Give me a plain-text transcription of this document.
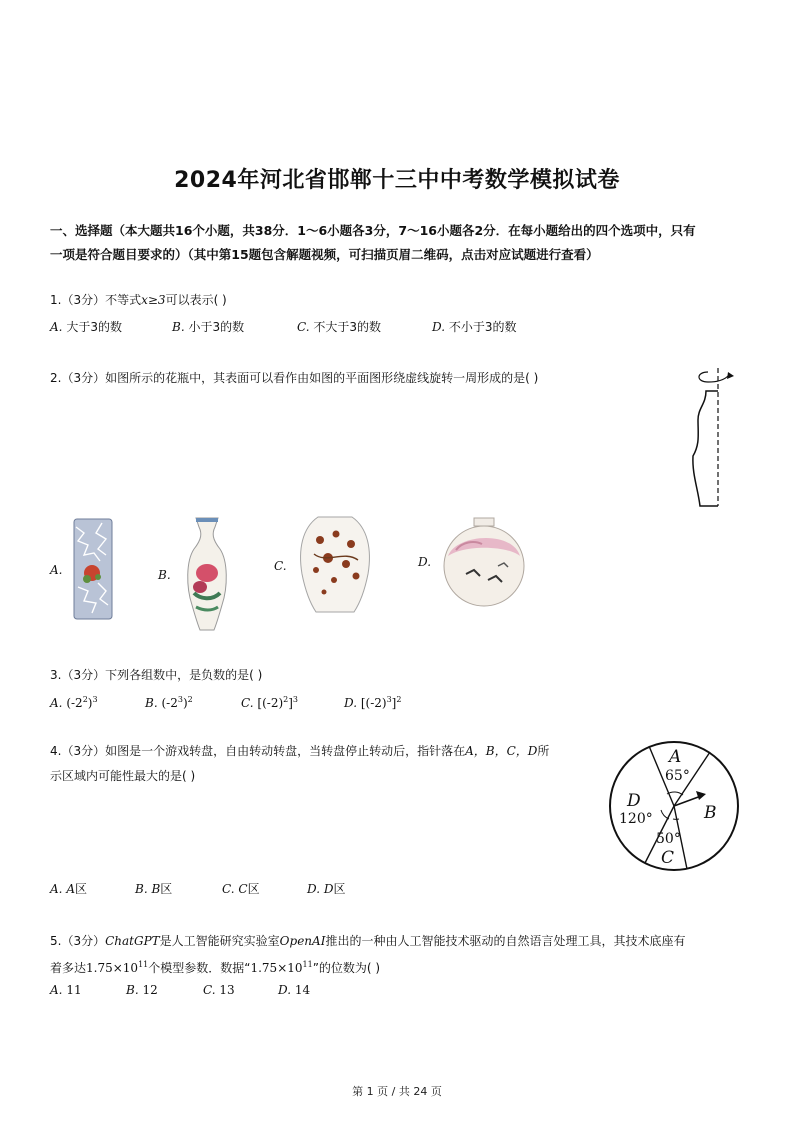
2024年河北省邯郸十三中中考数学模拟试卷
一、选择题（本大题共16个小题，共38分．1～6小题各3分，7～16小题各2分．在每小题给出的四个选项中，只有
一项是符合题目要求的）（其中第15题包含解题视频，可扫描页眉二维码，点击对应试题进行查看）
1.（3分）不等式x≥3可以表示( )
A. 大于3的数	B. 小于3的数	C. 不大于3的数	D. 不小于3的数
2.（3分）如图所示的花瓶中，其表面可以看作由如图的平面图形绕虚线旋转一周形成的是( )
A.	B.
C.	D.
3.（3分）下列各组数中，是负数的是( )
A. $(-2^2)^3$	B. $(-2^3)^2$	C. $[(-2)^2]^3$	D. $[(-2)^3]^2$
4.（3分）如图是一个游戏转盘，自由转动转盘，当转盘停止转动后，指针落在A，B，C，D所
示区域内可能性最大的是( )
A
65°
B
D
120°
50°
C
A. A区	B. B区	C. C区	D. D区
5.（3分）ChatGPT是人工智能研究实验室OpenAI推出的一种由人工智能技术驱动的自然语言处理工具，其技术底座有
着多达$1.75\times 10^{11}$个模型参数．数据“$1.75\times 10^{11}$”的位数为( )
A. 11	B. 12	C. 13	D. 14
第 1 页 / 共 24 页
